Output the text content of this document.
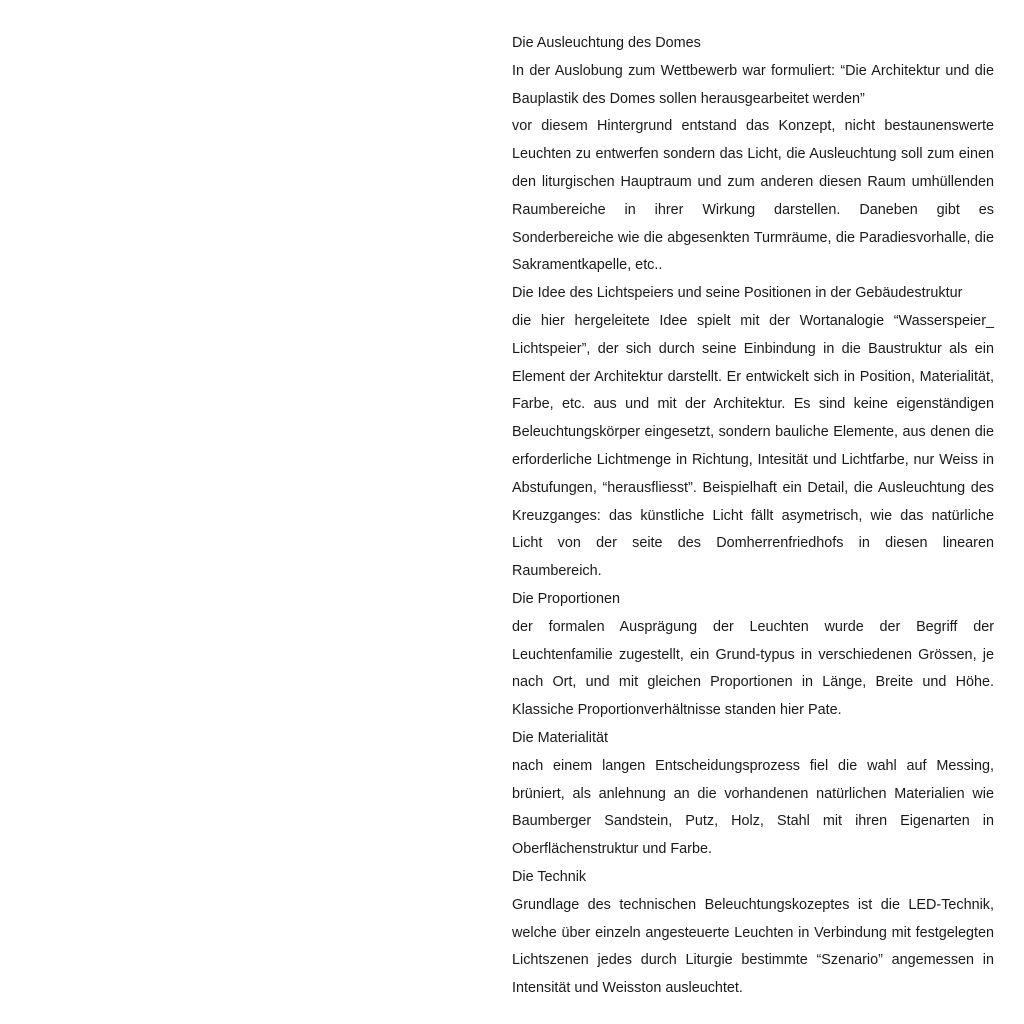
Die Ausleuchtung des Domes

In der Auslobung zum Wettbewerb war formuliert: “Die Architektur und die Bauplastik des Domes sollen herausgearbeitet werden”
vor diesem Hintergrund entstand das Konzept, nicht bestaunenswerte Leuchten zu entwerfen sondern das Licht, die Ausleuchtung soll zum einen den liturgischen Hauptraum und zum anderen diesen Raum umhüllenden Raumbereiche in ihrer Wirkung darstellen. Daneben gibt es Sonderbereiche wie die abgesenkten Turmräume, die Paradiesvorhalle, die Sakramentkapelle, etc..

Die Idee des Lichtspeiers und seine Positionen in der Gebäudestruktur

die hier hergeleitete Idee spielt mit der Wortanalogie “Wasserspeier_ Lichtspeier”, der sich durch seine Einbindung in die Baustruktur als ein Element der Architektur darstellt. Er entwickelt sich in Position, Materialität, Farbe, etc. aus und mit der Architektur. Es sind keine eigenständigen Beleuchtungskörper eingesetzt, sondern bauliche Elemente, aus denen die erforderliche Lichtmenge in Richtung, Intesität und Lichtfarbe, nur Weiss in Abstufungen, “herausfliesst”. Beispielhaft ein Detail, die Ausleuchtung des Kreuzganges: das künstliche Licht fällt asymetrisch, wie das natürliche Licht von der seite des Domherrenfriedhofs in diesen linearen Raumbereich.

Die Proportionen

der formalen Ausprägung der Leuchten wurde der Begriff der Leuchtenfamilie zugestellt, ein Grund-typus in verschiedenen Grössen, je nach Ort, und mit gleichen Proportionen in Länge, Breite und Höhe. Klassiche Proportionverhältnisse standen hier Pate.

Die Materialität

nach einem langen Entscheidungsprozess fiel die wahl auf Messing, brüniert, als anlehnung an die vorhandenen natürlichen Materialien wie Baumberger Sandstein, Putz, Holz, Stahl mit ihren Eigenarten in Oberflächenstruktur und Farbe.

Die Technik

Grundlage des technischen Beleuchtungskozeptes ist die LED-Technik, welche über einzeln angesteuerte Leuchten in Verbindung mit festgelegten Lichtszenen jedes durch Liturgie bestimmte “Szenario” angemessen in Intensität und Weisston ausleuchtet.
